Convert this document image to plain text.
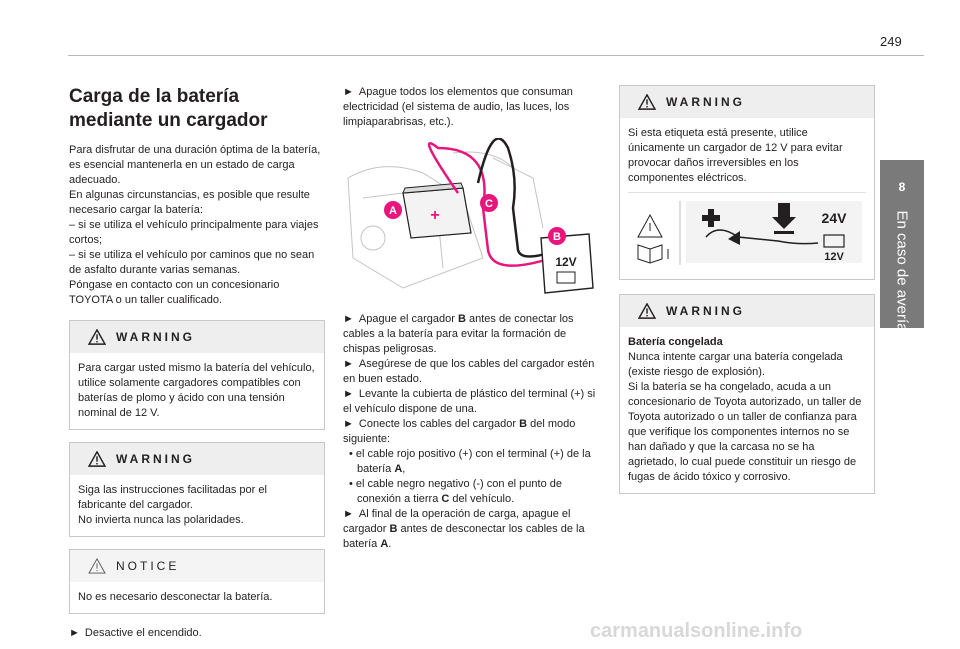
249
8
En caso de avería
Carga de la batería mediante un cargador

Para disfrutar de una duración óptima de la batería, es esencial mantenerla en un estado de carga adecuado.

En algunas circunstancias, es posible que resulte necesario cargar la batería:

– si se utiliza el vehículo principalmente para viajes cortos;

– si se utiliza el vehículo por caminos que no sean de asfalto durante varias semanas.

Póngase en contacto con un concesionario TOYOTA o un taller cualificado.

WARNING

Para cargar usted mismo la batería del vehículo, utilice solamente cargadores compatibles con baterías de plomo y ácido con una tensión nominal de 12 V.

WARNING

Siga las instrucciones facilitadas por el fabricante del cargador.

No invierta nunca las polaridades.

NOTICE

No es necesario desconectar la batería.

► Desactive el encendido.

► Apague todos los elementos que consuman electricidad (el sistema de audio, las luces, los limpiaparabrisas, etc.).

+
A
C
12V
B

► Apague el cargador B antes de conectar los cables a la batería para evitar la formación de chispas peligrosas.

► Asegúrese de que los cables del cargador estén en buen estado.

► Levante la cubierta de plástico del terminal (+) si el vehículo dispone de una.

► Conecte los cables del cargador B del modo siguiente:

• el cable rojo positivo (+) con el terminal (+) de la batería A,

• el cable negro negativo (-) con el punto de conexión a tierra C del vehículo.

► Al final de la operación de carga, apague el cargador B antes de desconectar los cables de la batería A.

WARNING

Si esta etiqueta está presente, utilice únicamente un cargador de 12 V para evitar provocar daños irreversibles en los componentes eléctricos.

24V
12V
WARNING

Batería congelada

Nunca intente cargar una batería congelada (existe riesgo de explosión).

Si la batería se ha congelado, acuda a un concesionario de Toyota autorizado, un taller de Toyota autorizado o un taller de confianza para que verifique los componentes internos no se han dañado y que la carcasa no se ha agrietado, lo cual puede constituir un riesgo de fugas de ácido tóxico y corrosivo.

carmanualsonline.info
